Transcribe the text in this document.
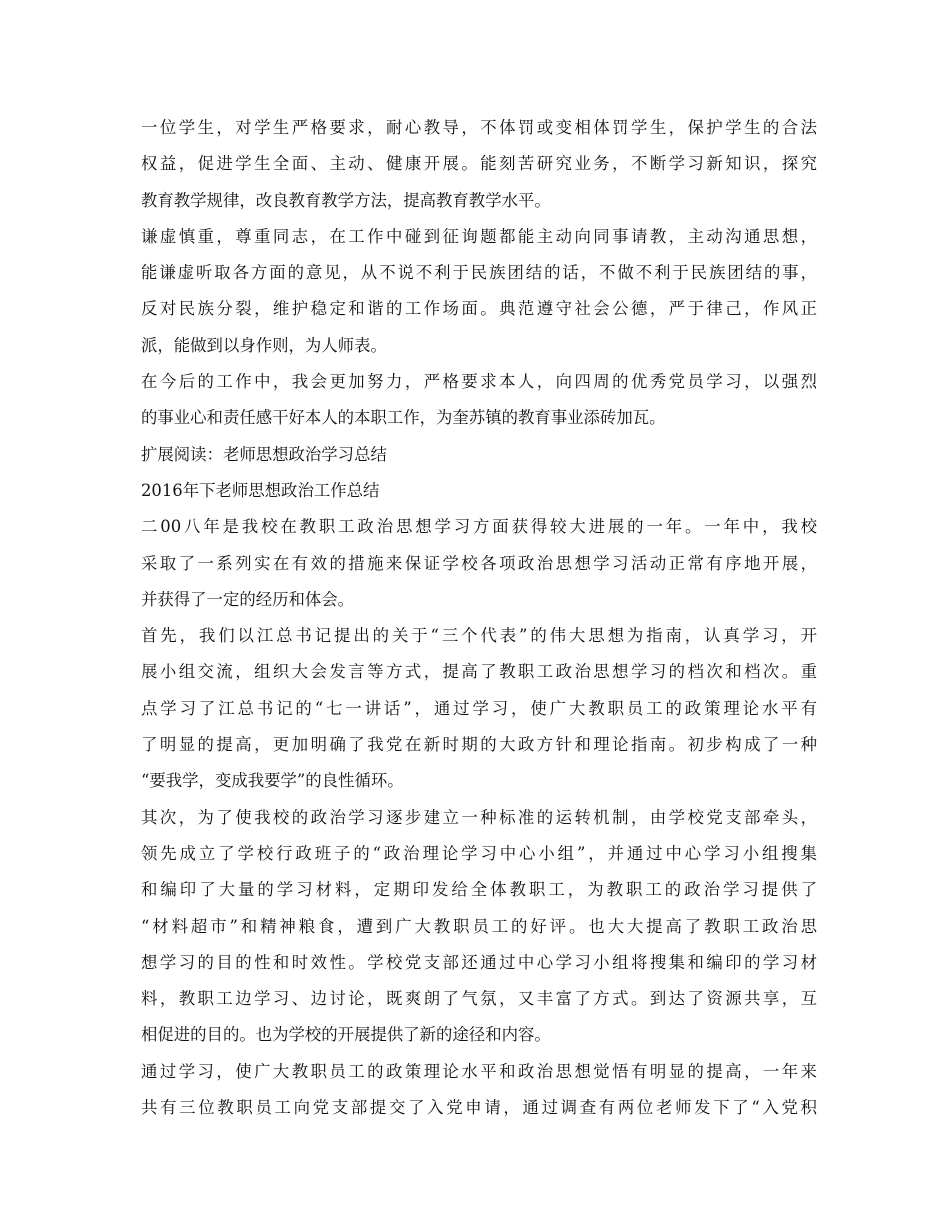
一位学生，对学生严格要求，耐心教导，不体罚或变相体罚学生，保护学生的合法
权益，促进学生全面、主动、健康开展。能刻苦研究业务，不断学习新知识，探究
教育教学规律，改良教育教学方法，提高教育教学水平。
谦虚慎重，尊重同志，在工作中碰到征询题都能主动向同事请教，主动沟通思想，
能谦虚听取各方面的意见，从不说不利于民族团结的话，不做不利于民族团结的事，
反对民族分裂，维护稳定和谐的工作场面。典范遵守社会公德，严于律己，作风正
派，能做到以身作则，为人师表。
在今后的工作中，我会更加努力，严格要求本人，向四周的优秀党员学习，以强烈
的事业心和责任感干好本人的本职工作，为奎苏镇的教育事业添砖加瓦。
扩展阅读：老师思想政治学习总结
2016年下老师思想政治工作总结
二00八年是我校在教职工政治思想学习方面获得较大进展的一年。一年中，我校
采取了一系列实在有效的措施来保证学校各项政治思想学习活动正常有序地开展，
并获得了一定的经历和体会。
首先，我们以江总书记提出的关于“三个代表”的伟大思想为指南，认真学习，开
展小组交流，组织大会发言等方式，提高了教职工政治思想学习的档次和档次。重
点学习了江总书记的“七一讲话”，通过学习，使广大教职员工的政策理论水平有
了明显的提高，更加明确了我党在新时期的大政方针和理论指南。初步构成了一种
“要我学，变成我要学”的良性循环。
其次，为了使我校的政治学习逐步建立一种标准的运转机制，由学校党支部牵头，
领先成立了学校行政班子的“政治理论学习中心小组”，并通过中心学习小组搜集
和编印了大量的学习材料，定期印发给全体教职工，为教职工的政治学习提供了
“材料超市”和精神粮食，遭到广大教职员工的好评。也大大提高了教职工政治思
想学习的目的性和时效性。学校党支部还通过中心学习小组将搜集和编印的学习材
料，教职工边学习、边讨论，既爽朗了气氛，又丰富了方式。到达了资源共享，互
相促进的目的。也为学校的开展提供了新的途径和内容。
通过学习，使广大教职员工的政策理论水平和政治思想觉悟有明显的提高，一年来
共有三位教职员工向党支部提交了入党申请，通过调查有两位老师发下了“入党积
